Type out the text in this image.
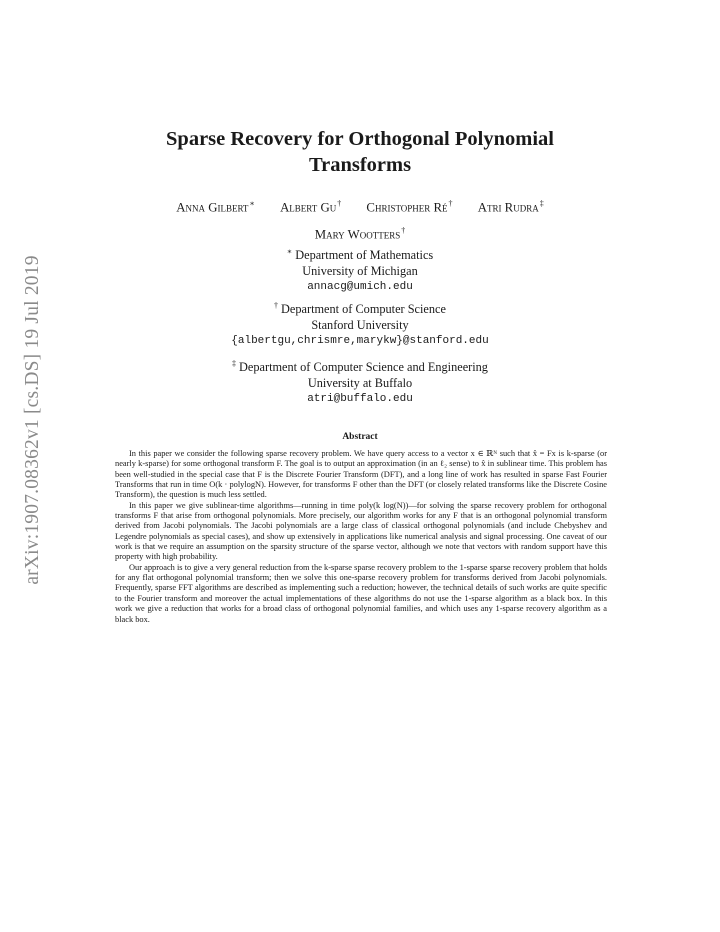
arXiv:1907.08362v1 [cs.DS] 19 Jul 2019
Sparse Recovery for Orthogonal Polynomial Transforms
Anna Gilbert∗ Albert Gu† Christopher Ré† Atri Rudra‡
Mary Wootters†
∗ Department of Mathematics
University of Michigan
annacg@umich.edu
† Department of Computer Science
Stanford University
{albertgu,chrismre,marykw}@stanford.edu
‡ Department of Computer Science and Engineering
University at Buffalo
atri@buffalo.edu
Abstract

In this paper we consider the following sparse recovery problem. We have query access to a vector x ∈ ℝᴺ such that x̂ = Fx is k-sparse (or nearly k-sparse) for some orthogonal transform F. The goal is to output an approximation (in an ℓ₂ sense) to x̂ in sublinear time. This problem has been well-studied in the special case that F is the Discrete Fourier Transform (DFT), and a long line of work has resulted in sparse Fast Fourier Transforms that run in time O(k · polylogN). However, for transforms F other than the DFT (or closely related transforms like the Discrete Cosine Transform), the question is much less settled.

In this paper we give sublinear-time algorithms—running in time poly(k log(N))—for solving the sparse recovery problem for orthogonal transforms F that arise from orthogonal polynomials. More precisely, our algorithm works for any F that is an orthogonal polynomial transform derived from Jacobi polynomials. The Jacobi polynomials are a large class of classical orthogonal polynomials (and include Chebyshev and Legendre polynomials as special cases), and show up extensively in applications like numerical analysis and signal processing. One caveat of our work is that we require an assumption on the sparsity structure of the sparse vector, although we note that vectors with random support have this property with high probability.

Our approach is to give a very general reduction from the k-sparse sparse recovery problem to the 1-sparse sparse recovery problem that holds for any flat orthogonal polynomial transform; then we solve this one-sparse recovery problem for transforms derived from Jacobi polynomials. Frequently, sparse FFT algorithms are described as implementing such a reduction; however, the technical details of such works are quite specific to the Fourier transform and moreover the actual implementations of these algorithms do not use the 1-sparse algorithm as a black box. In this work we give a reduction that works for a broad class of orthogonal polynomial families, and which uses any 1-sparse recovery algorithm as a black box.
